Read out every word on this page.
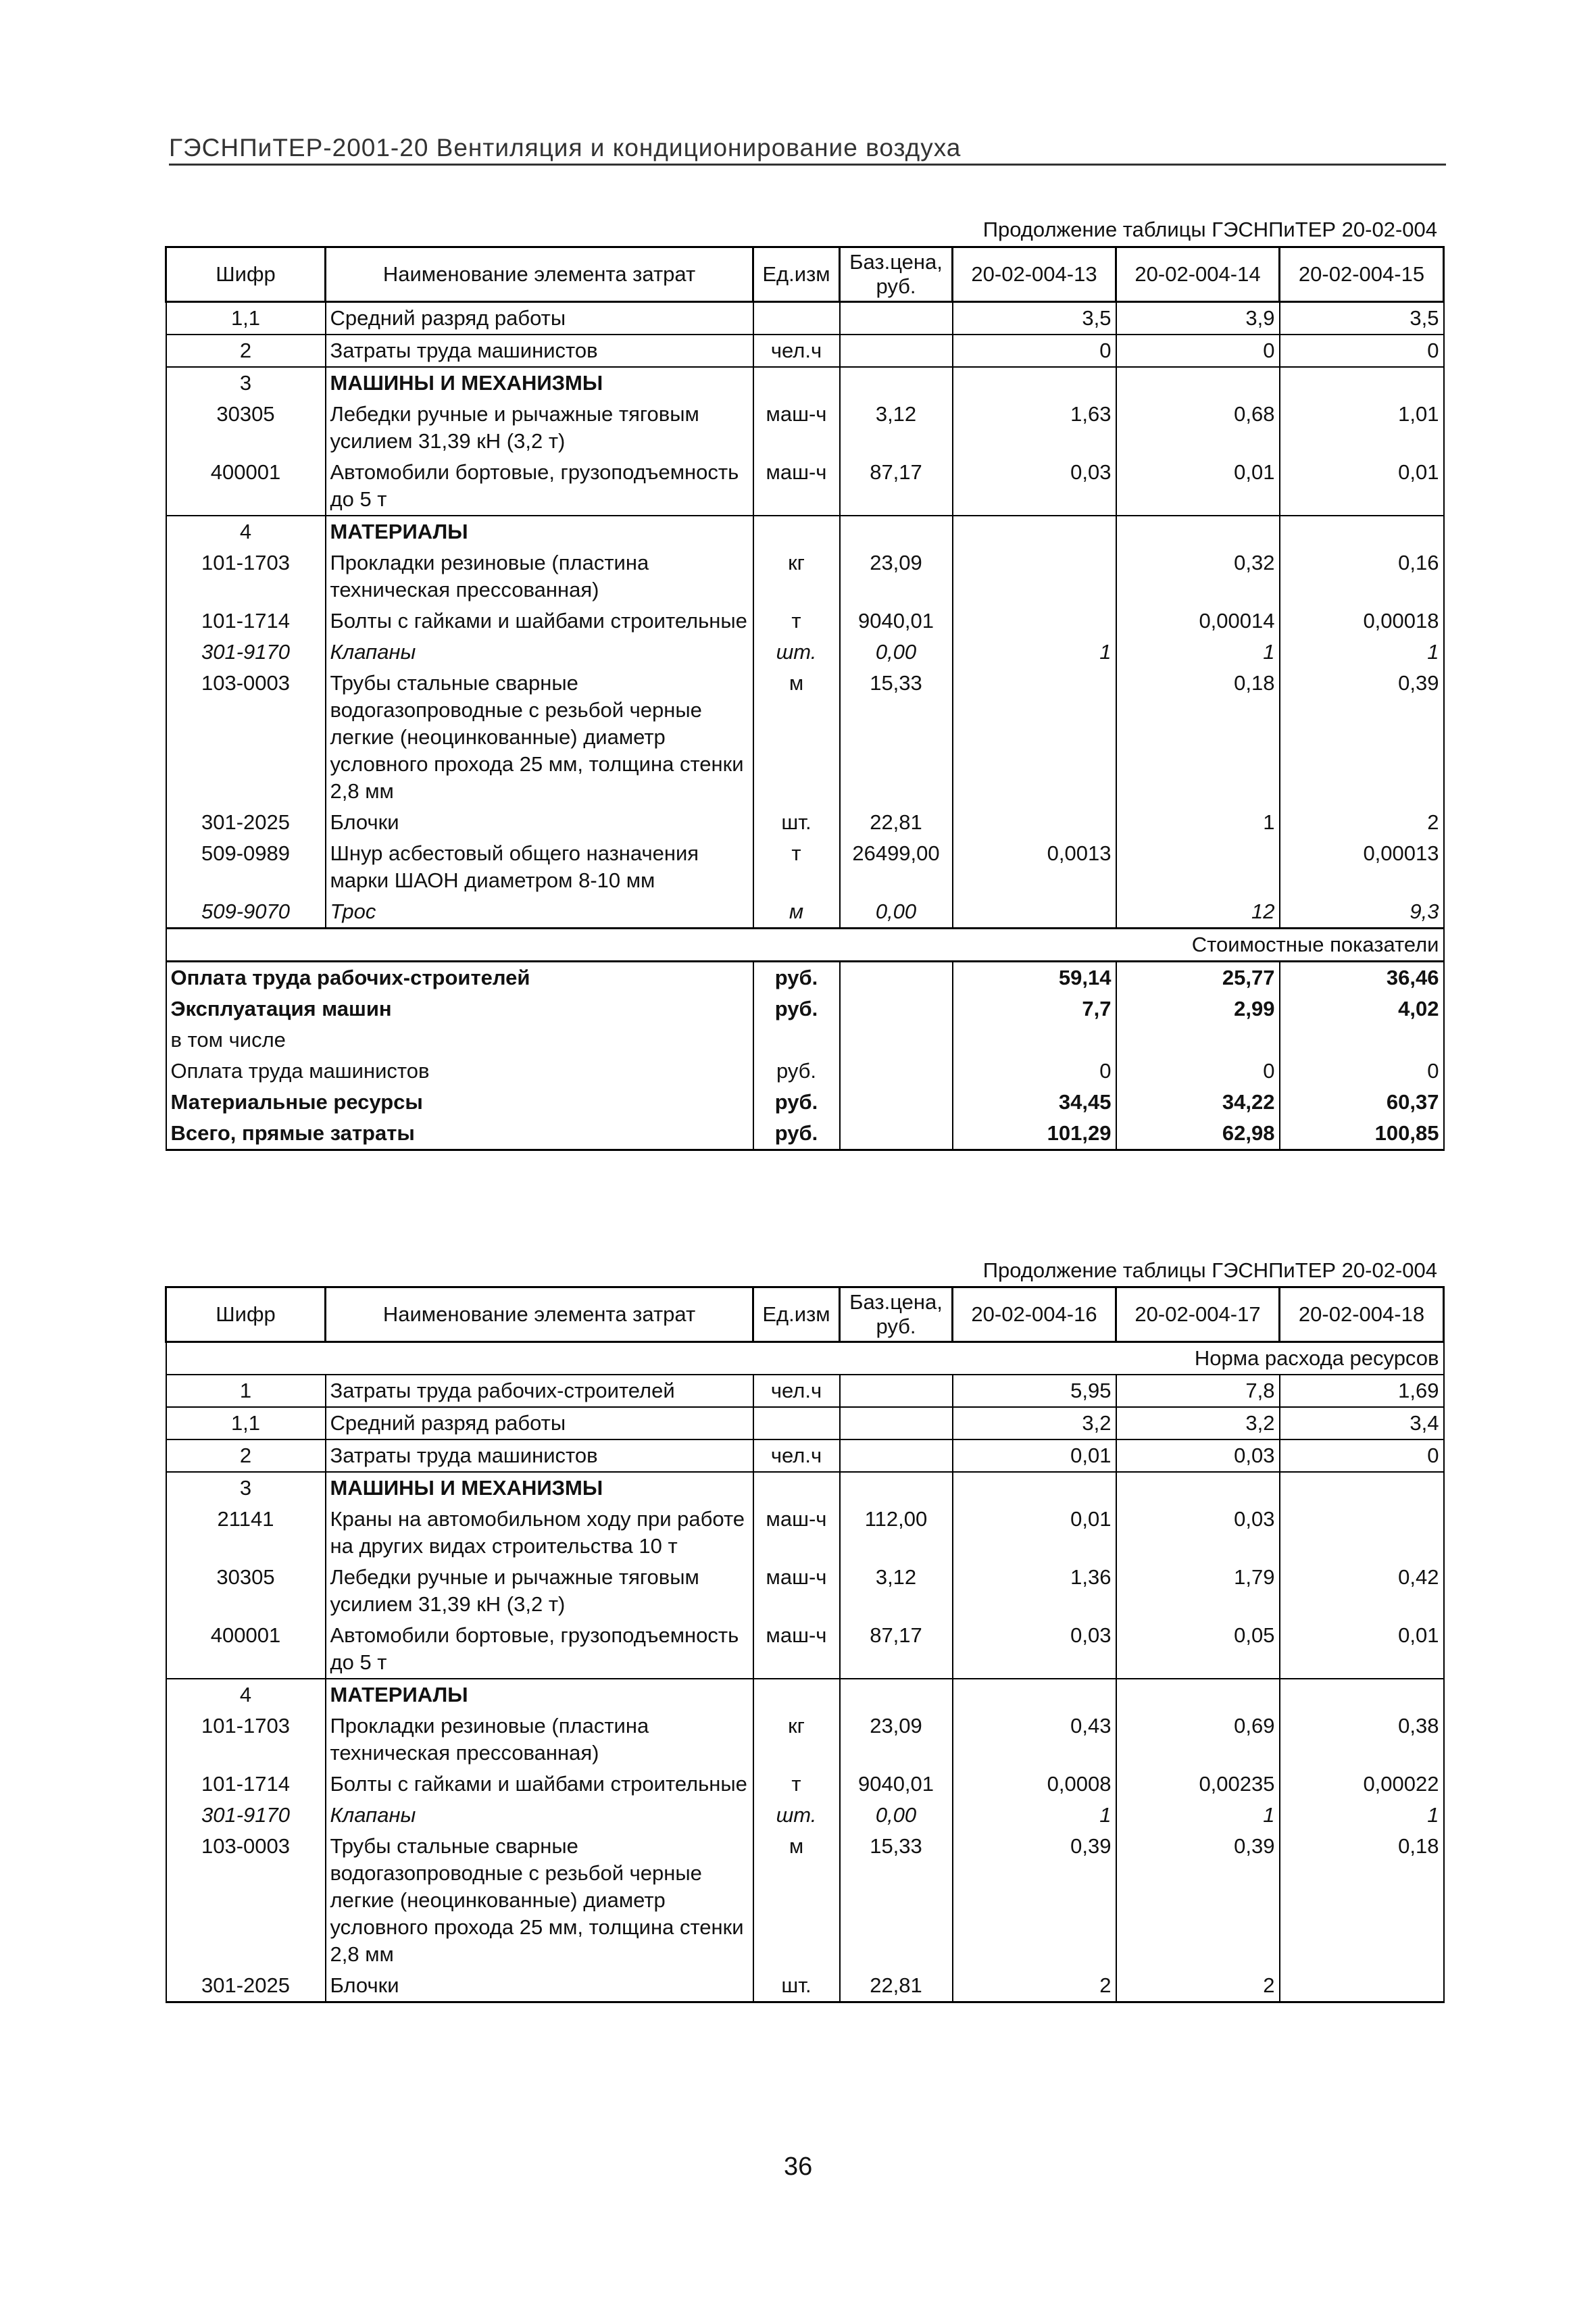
ГЭСНПиТЕР-2001-20 Вентиляция и кондиционирование воздуха
Продолжение таблицы ГЭСНПиТЕР 20-02-004
Шифр	Наименование элемента затрат	Ед.изм	Баз.цена, руб.	20-02-004-13	20-02-004-14	20-02-004-15
1,1	Средний разряд работы			3,5	3,9	3,5
2	Затраты труда машинистов	чел.ч		0	0	0
3	МАШИНЫ И МЕХАНИЗМЫ					
30305	Лебедки ручные и рычажные тяговым усилием 31,39 кН (3,2 т)	маш-ч	3,12	1,63	0,68	1,01
400001	Автомобили бортовые, грузоподъемность до 5 т	маш-ч	87,17	0,03	0,01	0,01
4	МАТЕРИАЛЫ					
101-1703	Прокладки резиновые (пластина техническая прессованная)	кг	23,09		0,32	0,16
101-1714	Болты с гайками и шайбами строительные	т	9040,01		0,00014	0,00018
301-9170	Клапаны	шт.	0,00	1	1	1
103-0003	Трубы стальные сварные водогазопроводные с резьбой черные легкие (неоцинкованные) диаметр условного прохода 25 мм, толщина стенки 2,8 мм	м	15,33		0,18	0,39
301-2025	Блочки	шт.	22,81		1	2
509-0989	Шнур асбестовый общего назначения марки ШАОН диаметром 8-10 мм	т	26499,00	0,0013		0,00013
509-9070	Трос	м	0,00		12	9,3
Стоимостные показатели						
Оплата труда рабочих-строителей		руб.		59,14	25,77	36,46
Эксплуатация машин		руб.		7,7	2,99	4,02
в том числе						
Оплата труда машинистов		руб.		0	0	0
Материальные ресурсы		руб.		34,45	34,22	60,37
Всего, прямые затраты		руб.		101,29	62,98	100,85
Продолжение таблицы ГЭСНПиТЕР 20-02-004
Шифр	Наименование элемента затрат	Ед.изм	Баз.цена, руб.	20-02-004-16	20-02-004-17	20-02-004-18
Норма расхода ресурсов						
1	Затраты труда рабочих-строителей	чел.ч		5,95	7,8	1,69
1,1	Средний разряд работы			3,2	3,2	3,4
2	Затраты труда машинистов	чел.ч		0,01	0,03	0
3	МАШИНЫ И МЕХАНИЗМЫ					
21141	Краны на автомобильном ходу при работе на других видах строительства 10 т	маш-ч	112,00	0,01	0,03	
30305	Лебедки ручные и рычажные тяговым усилием 31,39 кН (3,2 т)	маш-ч	3,12	1,36	1,79	0,42
400001	Автомобили бортовые, грузоподъемность до 5 т	маш-ч	87,17	0,03	0,05	0,01
4	МАТЕРИАЛЫ					
101-1703	Прокладки резиновые (пластина техническая прессованная)	кг	23,09	0,43	0,69	0,38
101-1714	Болты с гайками и шайбами строительные	т	9040,01	0,0008	0,00235	0,00022
301-9170	Клапаны	шт.	0,00	1	1	1
103-0003	Трубы стальные сварные водогазопроводные с резьбой черные легкие (неоцинкованные) диаметр условного прохода 25 мм, толщина стенки 2,8 мм	м	15,33	0,39	0,39	0,18
301-2025	Блочки	шт.	22,81	2	2	
36
